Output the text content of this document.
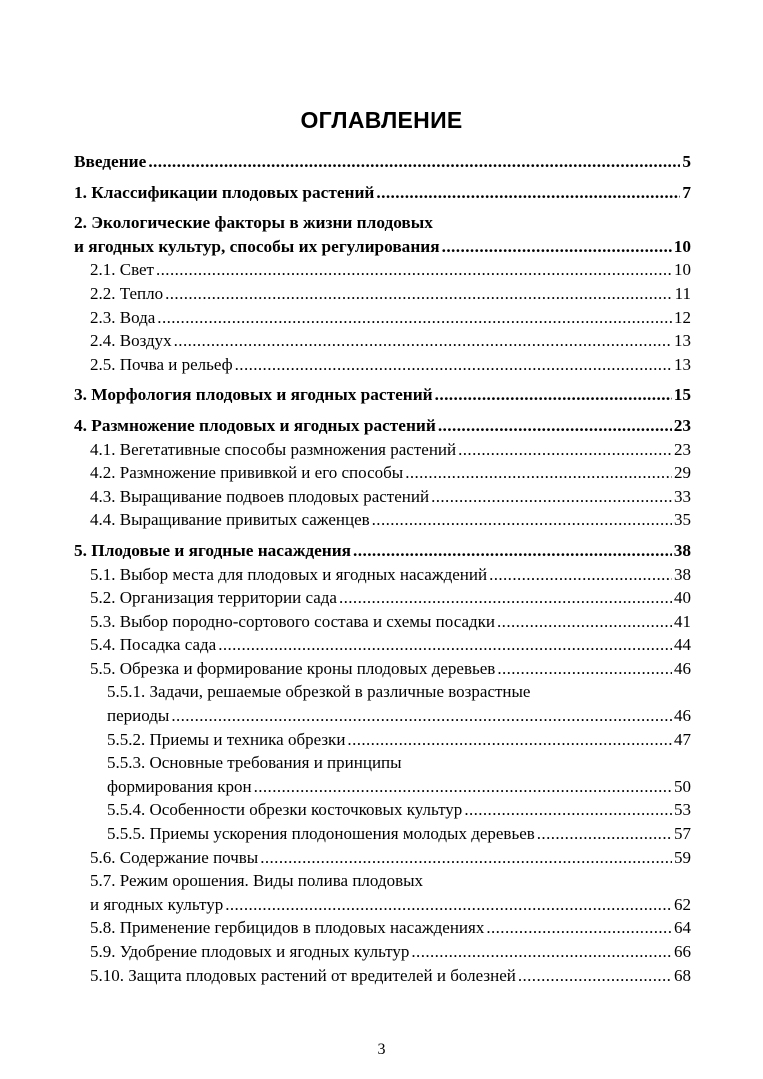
ОГЛАВЛЕНИЕ
Введение .....	5
1. Классификации плодовых растений .....	7
2. Экологические факторы в жизни плодовых
и ягодных культур, способы их регулирования .....	10
2.1. Свет .....	10
2.2. Тепло .....	11
2.3. Вода .....	12
2.4. Воздух .....	13
2.5. Почва и рельеф .....	13
3. Морфология плодовых и ягодных растений .....	15
4. Размножение плодовых и ягодных растений .....	23
4.1. Вегетативные способы размножения растений .....	23
4.2. Размножение прививкой и его способы .....	29
4.3. Выращивание подвоев плодовых растений .....	33
4.4. Выращивание привитых саженцев .....	35
5. Плодовые и ягодные насаждения .....	38
5.1. Выбор места для плодовых и ягодных насаждений .....	38
5.2. Организация территории сада .....	40
5.3. Выбор породно-сортового состава и схемы посадки .....	41
5.4. Посадка сада .....	44
5.5. Обрезка и формирование кроны плодовых деревьев .....	46
5.5.1. Задачи, решаемые обрезкой в различные возрастные
периоды .....	46
5.5.2. Приемы и техника обрезки .....	47
5.5.3. Основные требования и принципы
формирования крон .....	50
5.5.4. Особенности обрезки косточковых культур .....	53
5.5.5. Приемы ускорения плодоношения молодых деревьев .....	57
5.6. Содержание почвы .....	59
5.7. Режим орошения. Виды полива плодовых
и ягодных культур .....	62
5.8. Применение гербицидов в плодовых насаждениях .....	64
5.9. Удобрение плодовых и ягодных культур .....	66
5.10. Защита плодовых растений от вредителей и болезней .....	68
3
